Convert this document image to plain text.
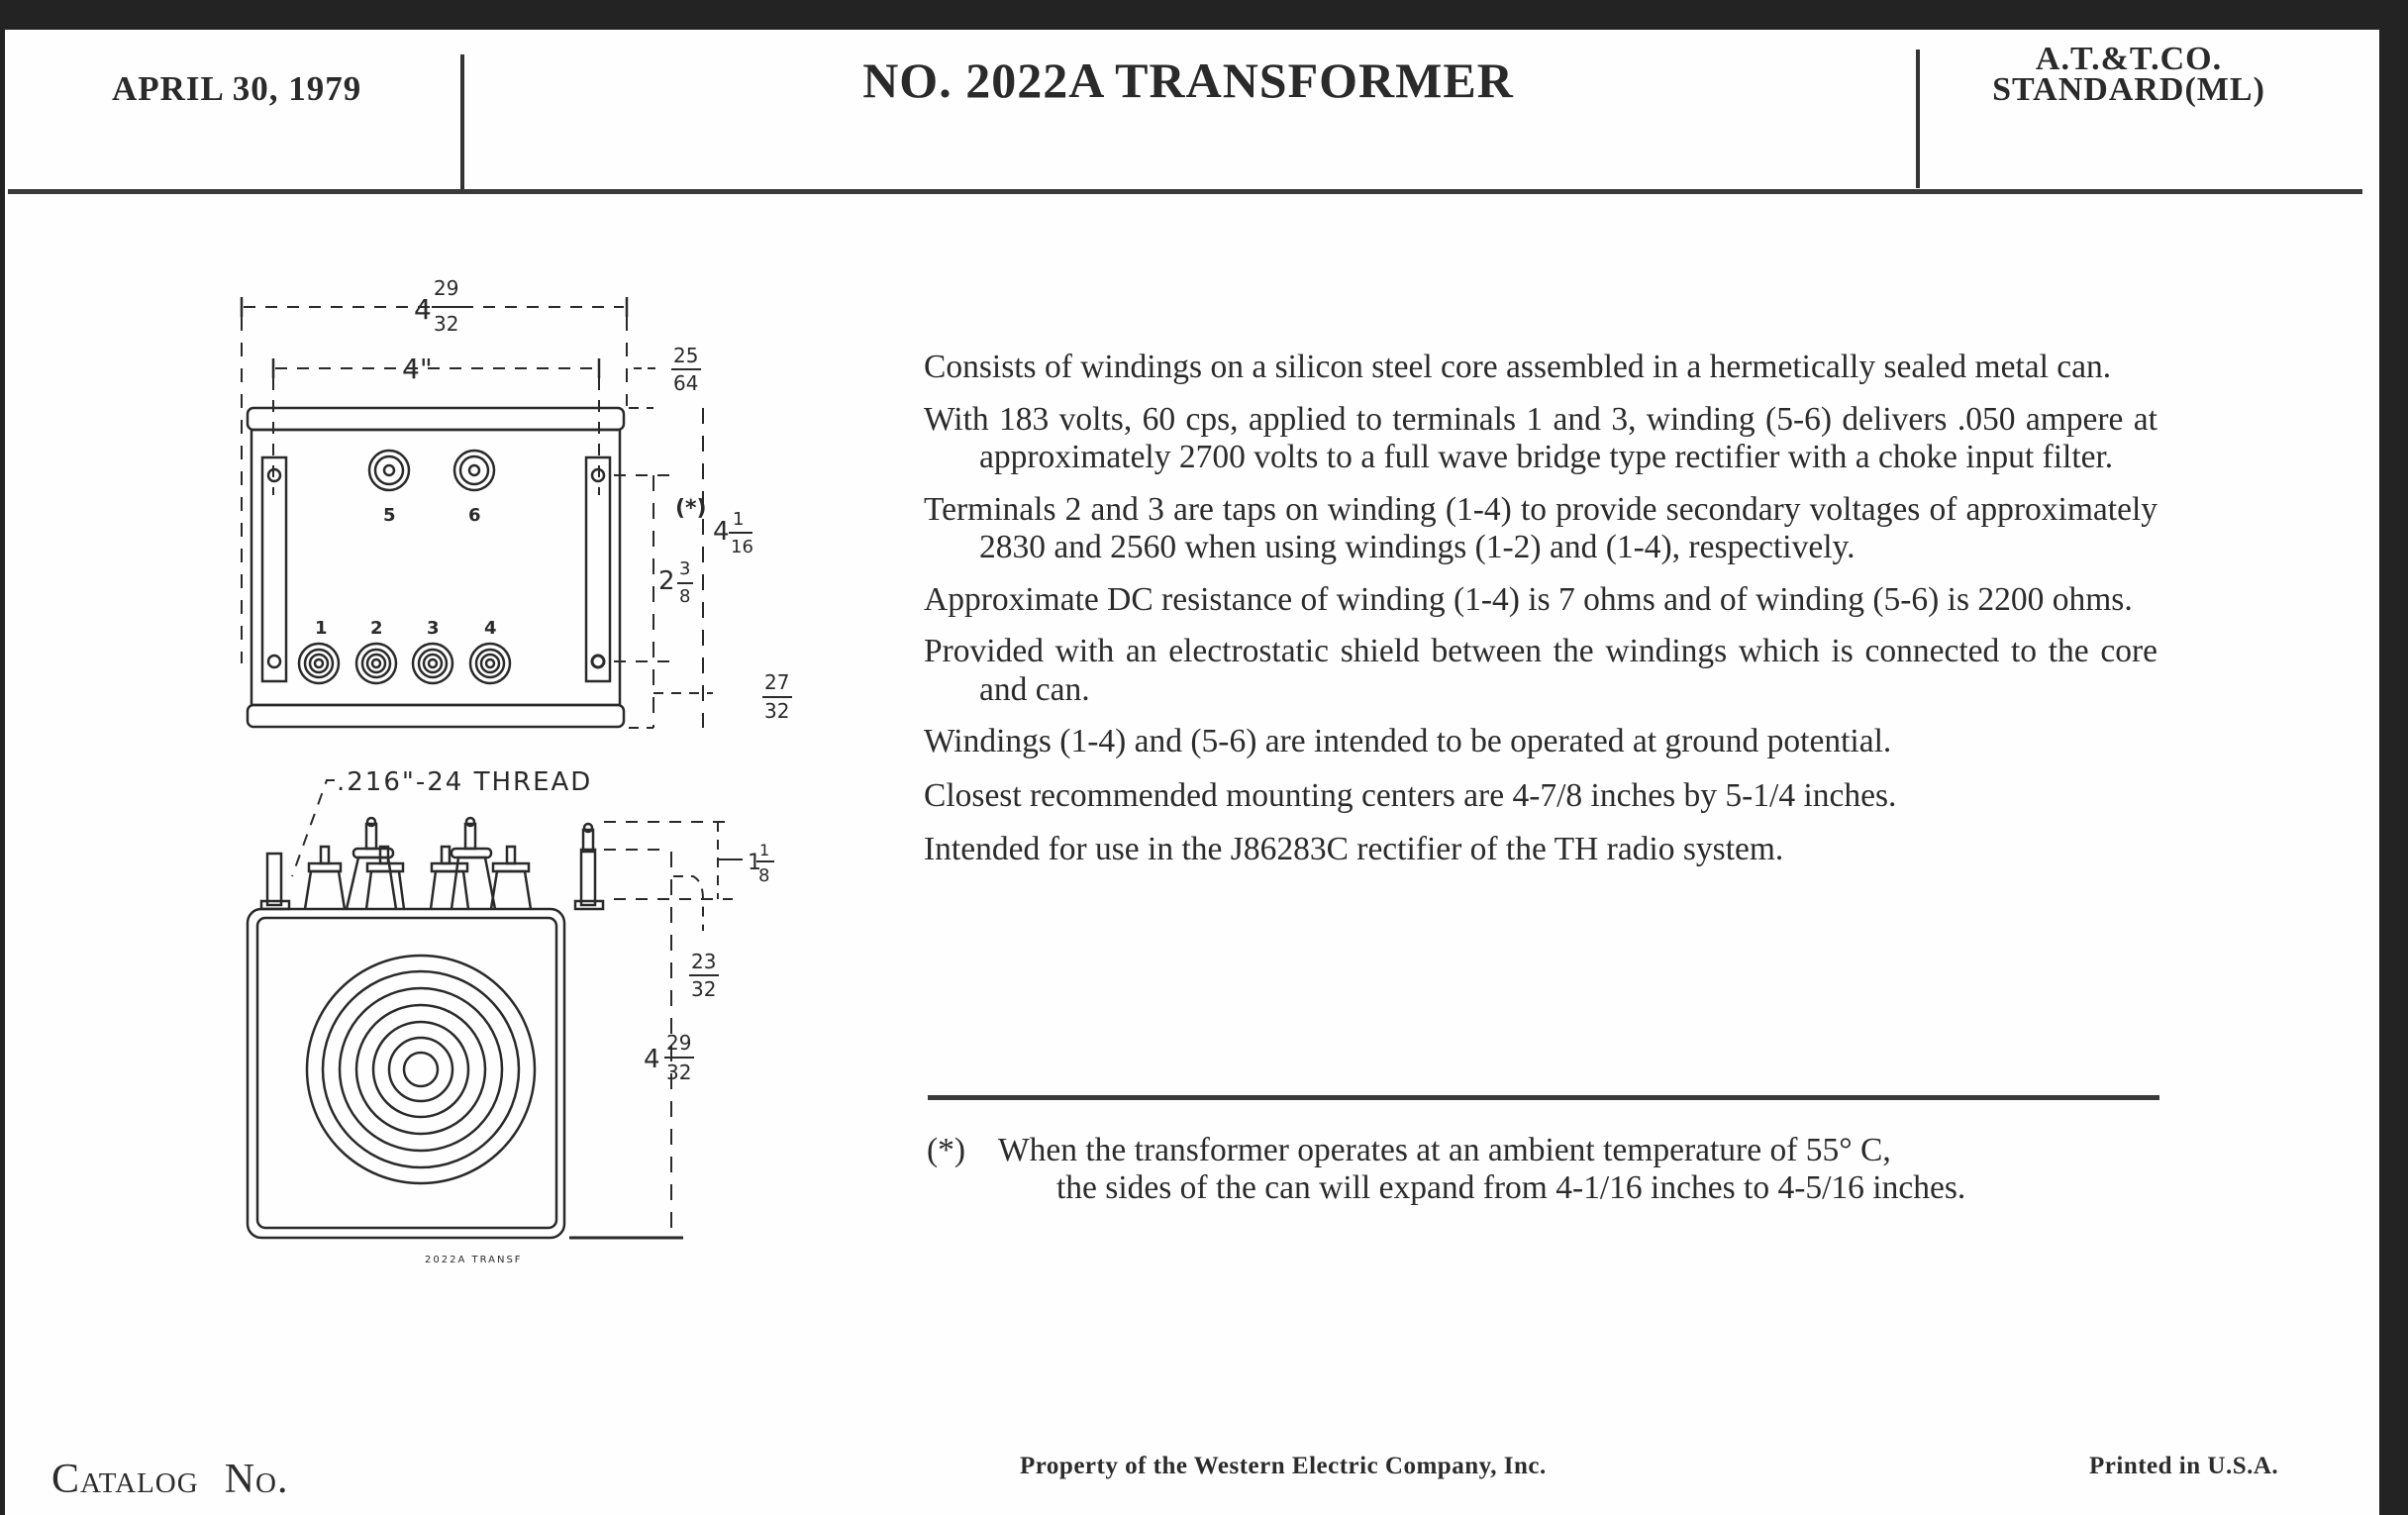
APRIL 30, 1979	NO. 2022A TRANSFORMER	A.T.&T.CO.
STANDARD(ML)
4
29
32
4"	25
64
(*)
4 1
16
2 3
8
27
32
5	6
1 2 3	4
.216"-24 THREAD
1
1
8
23
32
4
29
32
2022A TRANSF

Consists of windings on a silicon steel core assembled in a hermetically sealed metal can.

With 183 volts, 60 cps, applied to terminals 1 and 3, winding (5-6) delivers .050 ampere at approximately 2700 volts to a full wave bridge type rectifier with a choke input filter.

Terminals 2 and 3 are taps on winding (1-4) to provide secondary voltages of approximately 2830 and 2560 when using windings (1-2) and (1-4), respectively.

Approximate DC resistance of winding (1-4) is 7 ohms and of winding (5-6) is 2200 ohms.

Provided with an electrostatic shield between the windings which is connected to the core and can.

Windings (1-4) and (5-6) are intended to be operated at ground potential.

Closest recommended mounting centers are 4-7/8 inches by 5-1/4 inches.

Intended for use in the J86283C rectifier of the TH radio system.

(*) When the transformer operates at an ambient temperature of 55° C,
the sides of the can will expand from 4-1/16 inches to 4-5/16 inches.
Catalog No.	Property of the Western Electric Company, Inc.	Printed in U.S.A.
